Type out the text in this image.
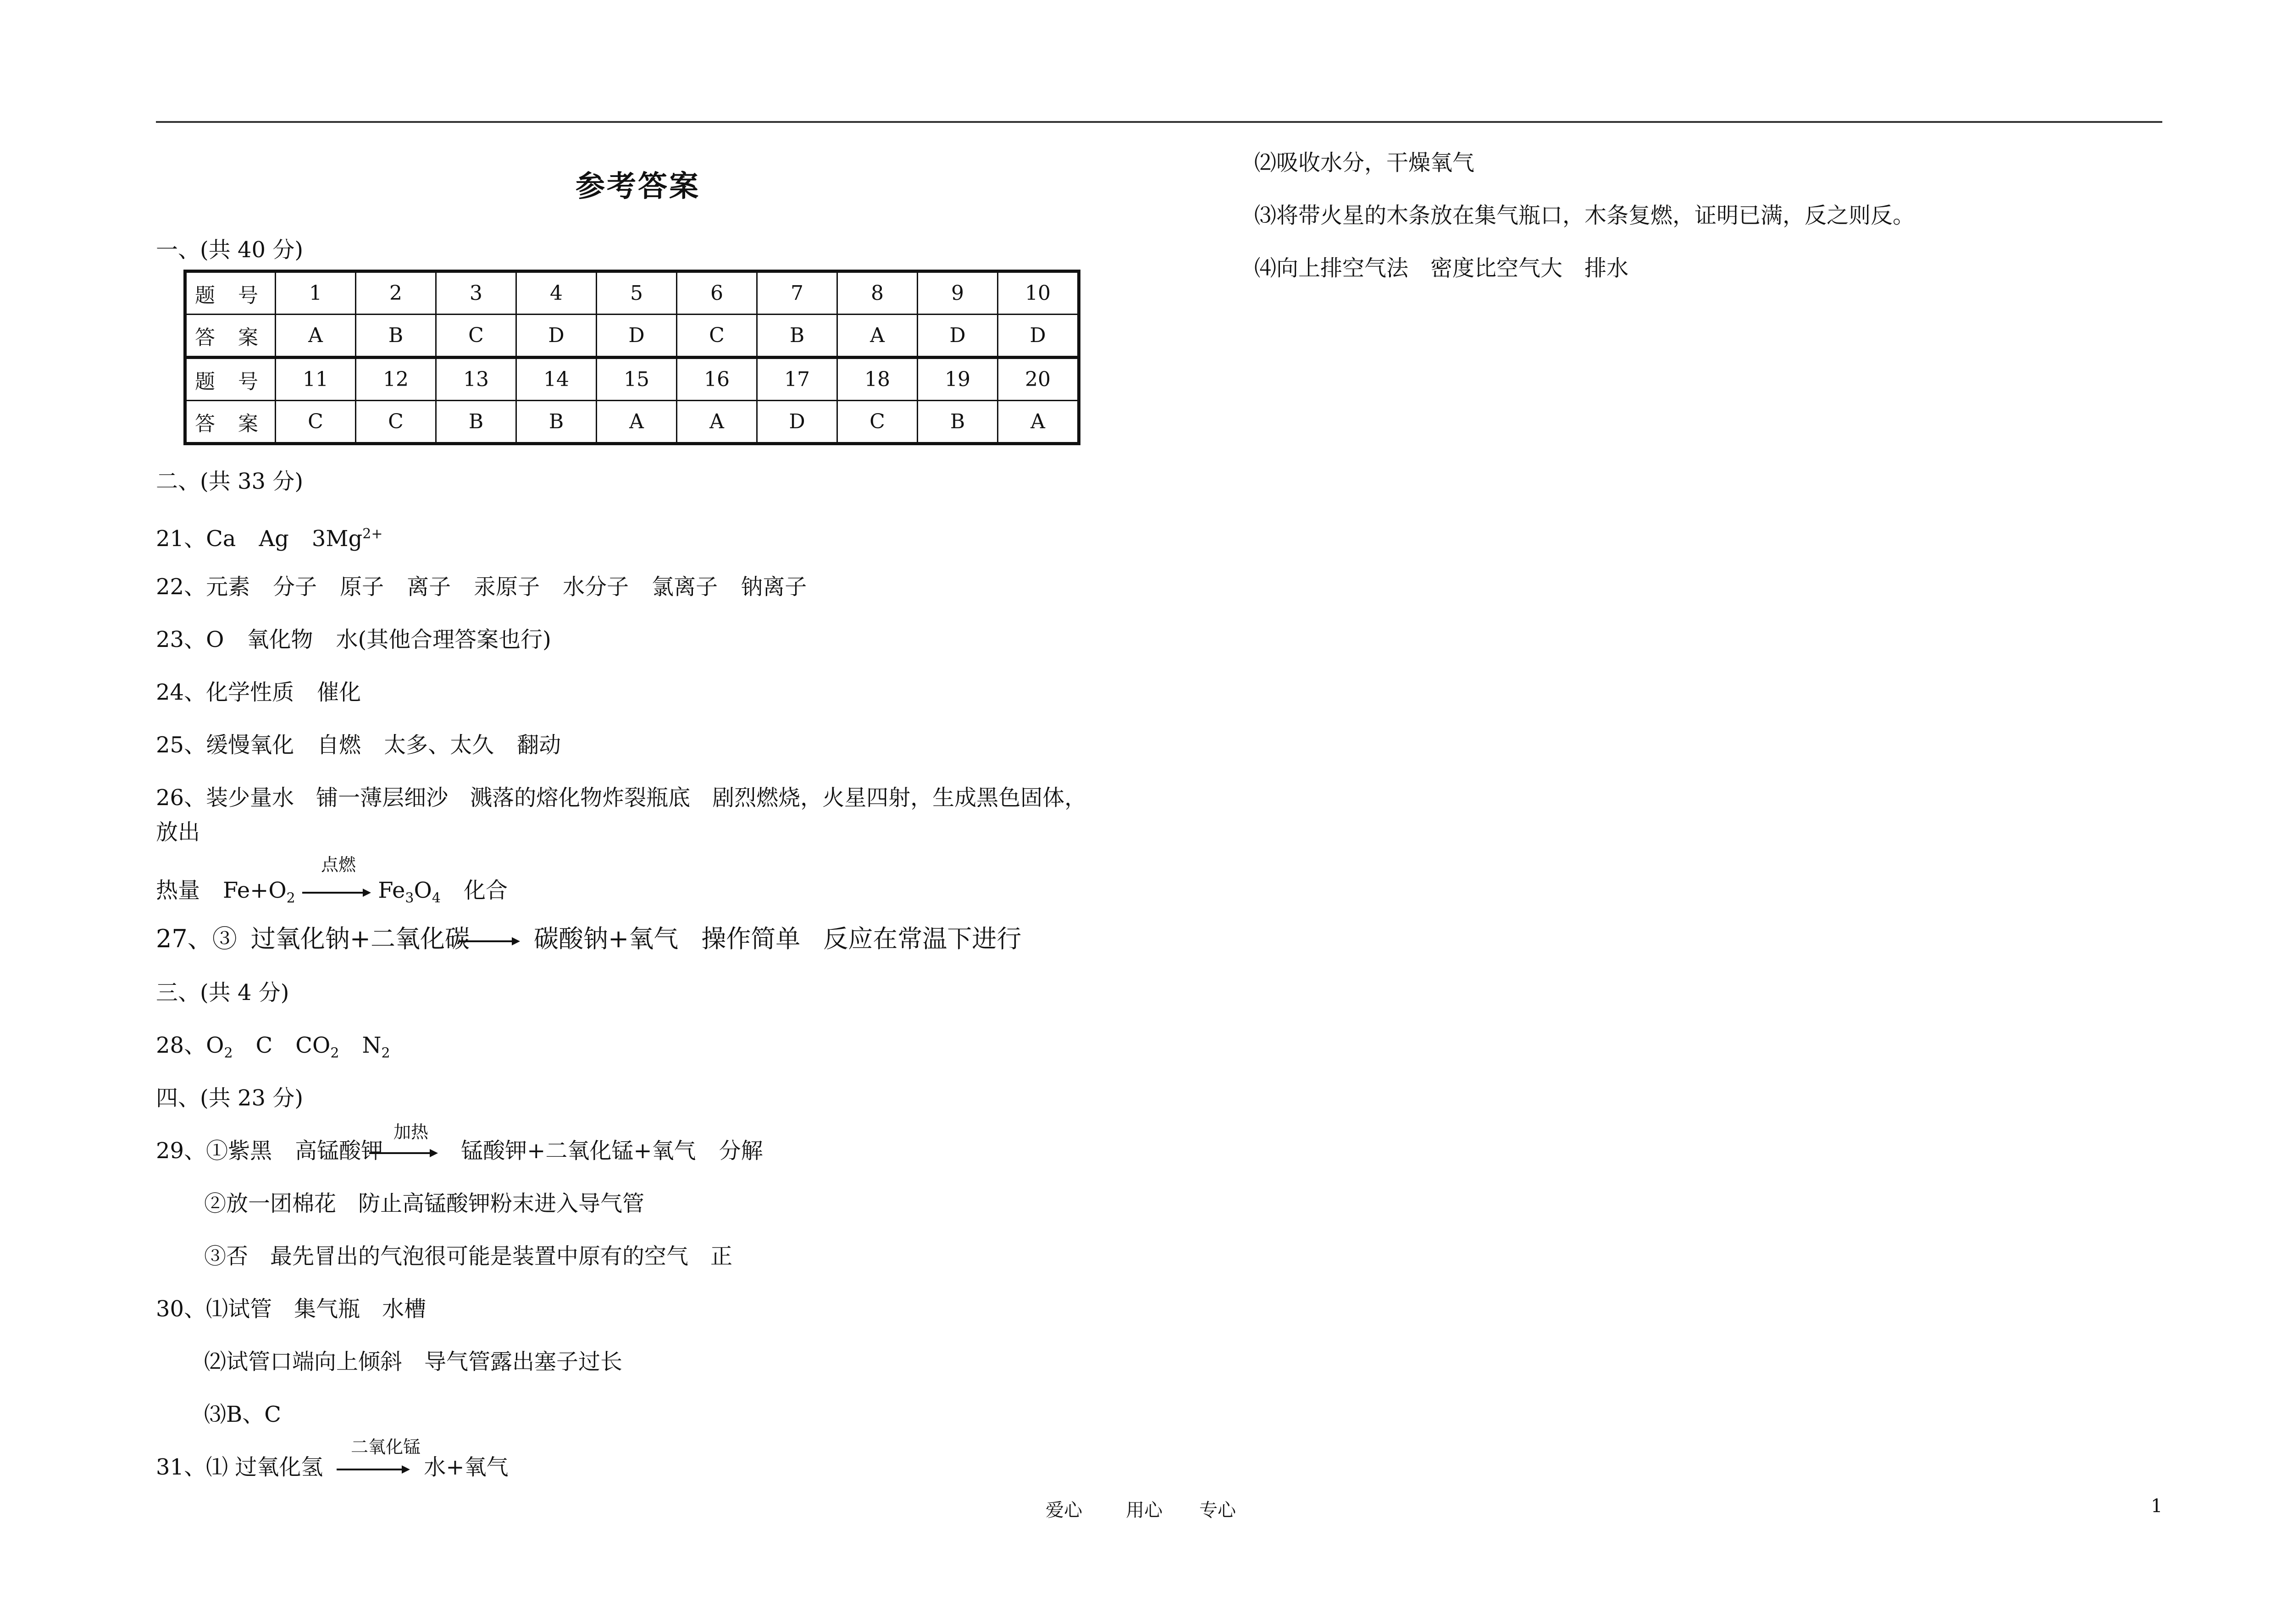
参考答案
一、(共 40 分)
题 号	1	2	3	4	5	6	7	8	9	10
答 案	A	B	C	D	D	C	B	A	D	D
题 号	11	12	13	14	15	16	17	18	19	20
答 案	C	C	B	B	A	A	D	C	B	A
二、(共 33 分)
21、Ca Ag $3Mg^{2+}$
22、元素 分子 原子 离子 汞原子 水分子 氯离子 钠离子
23、O 氧化物 水(其他合理答案也行)
24、化学性质 催化
25、缓慢氧化 自燃 太多、太久 翻动
26、装少量水　铺一薄层细沙　溅落的熔化物炸裂瓶底　剧烈燃烧，火星四射，生成黑色固体，
放出
点燃
热量 $Fe+O_2$	$Fe_3O_4$ 化合
27、③ 过氧化钠+二氧化碳	碳酸钠+氧气 操作简单 反应在常温下进行
三、(共 4 分)
28、$O_2$ C $CO_2$ $N_2$
四、(共 23 分)
加热
29、①紫黑 高锰酸钾	锰酸钾+二氧化锰+氧气 分解
②放一团棉花　防止高锰酸钾粉末进入导气管
③否　最先冒出的气泡很可能是装置中原有的空气　正
30、⑴试管　集气瓶　水槽
⑵试管口端向上倾斜　导气管露出塞子过长
⑶B、C
二氧化锰
31、⑴ 过氧化氢	水+氧气
⑵吸收水分，干燥氧气
⑶将带火星的木条放在集气瓶口，木条复燃，证明已满，反之则反。
⑷向上排空气法　密度比空气大　排水
爱心 用心 专心	1
